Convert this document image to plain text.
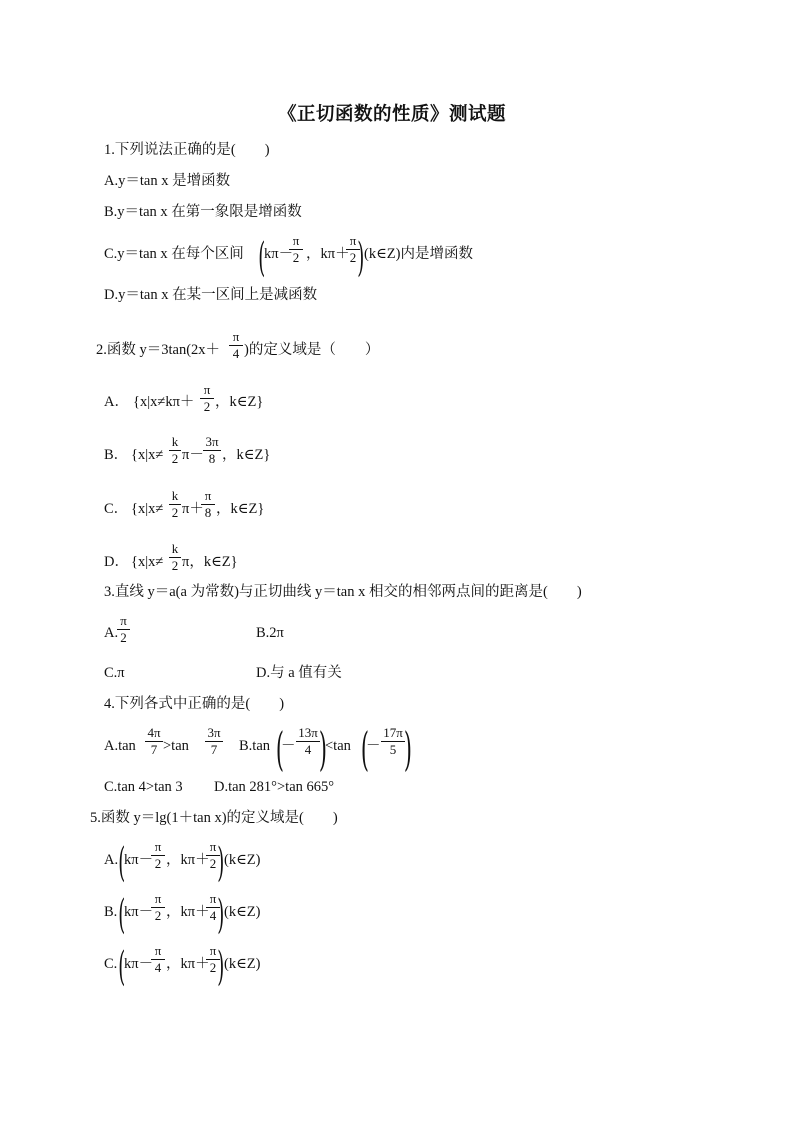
《正切函数的性质》测试题
1.下列说法正确的是(　　)
A.y＝tan x 是增函数
B.y＝tan x 在第一象限是增函数
C.y＝tan x 在每个区间 (
kπ－
π
2 ，kπ＋
π
2 ) (k∈Z)内是增函数
D.y＝tan x 在某一区间上是减函数
2.函数 y＝3tan(2x＋
π
4 )的定义域是（　　）
A． {x|x≠kπ＋
π
2 ，k∈Z}
B． {x|x≠
k
2 π－
3π
8 ，k∈Z}
C． {x|x≠
k
2 π＋
π
8 ，k∈Z}
D． {x|x≠
k
2 π，k∈Z}
3.直线 y＝a(a 为常数)与正切曲线 y＝tan x 相交的相邻两点间的距离是(　　)
A.
π
2	B.2π
C.π	D.与 a 值有关
4.下列各式中正确的是(　　)
A.tan
4π
7 >tan
3π
7	B.tan (
－
13π
4 )
<tan (
－
17π
5 )
C.tan 4>tan 3 D.tan 281°>tan 665°
5.函数 y＝lg(1＋tan x)的定义域是(　　)
A. (
kπ－
π
2 ，kπ＋
π
2 ) (k∈Z)
B. (
kπ－
π
2 ，kπ＋
π
4 ) (k∈Z)
C. (
kπ－
π
4 ，kπ＋
π
2 ) (k∈Z)
